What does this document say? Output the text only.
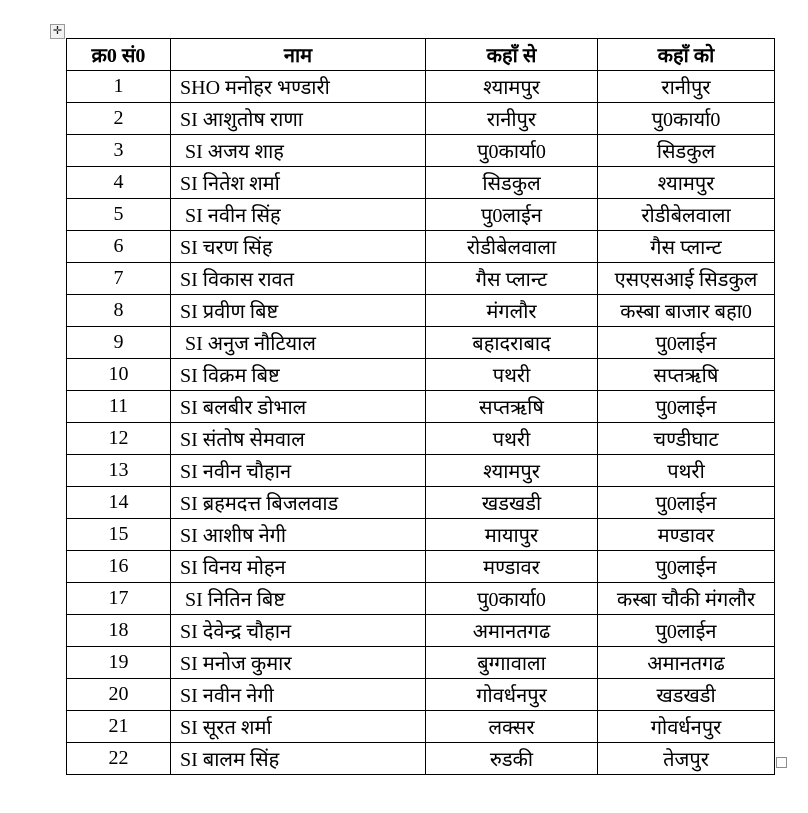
✛
क्र0 सं0	नाम	कहाँ से	कहाँ को
1	SHO मनोहर भण्डारी	श्यामपुर	रानीपुर
2	SI आशुतोष राणा	रानीपुर	पु0कार्या0
3	SI अजय शाह	पु0कार्या0	सिडकुल
4	SI नितेश शर्मा	सिडकुल	श्यामपुर
5	SI नवीन सिंह	पु0लाईन	रोडीबेलवाला
6	SI चरण सिंह	रोडीबेलवाला	गैस प्लान्ट
7	SI विकास रावत	गैस प्लान्ट	एसएसआई सिडकुल
8	SI प्रवीण बिष्ट	मंगलौर	कस्बा बाजार बहा0
9	SI अनुज नौटियाल	बहादराबाद	पु0लाईन
10	SI विक्रम बिष्ट	पथरी	सप्तऋषि
11	SI बलबीर डोभाल	सप्तऋषि	पु0लाईन
12	SI संतोष सेमवाल	पथरी	चण्डीघाट
13	SI नवीन चौहान	श्यामपुर	पथरी
14	SI ब्रहमदत्त बिजलवाड	खडखडी	पु0लाईन
15	SI आशीष नेगी	मायापुर	मण्डावर
16	SI विनय मोहन	मण्डावर	पु0लाईन
17	SI नितिन बिष्ट	पु0कार्या0	कस्बा चौकी मंगलौर
18	SI देवेन्द्र चौहान	अमानतगढ	पु0लाईन
19	SI मनोज कुमार	बुग्गावाला	अमानतगढ
20	SI नवीन नेगी	गोवर्धनपुर	खडखडी
21	SI सूरत शर्मा	लक्सर	गोवर्धनपुर
22	SI बालम सिंह	रुडकी	तेजपुर
